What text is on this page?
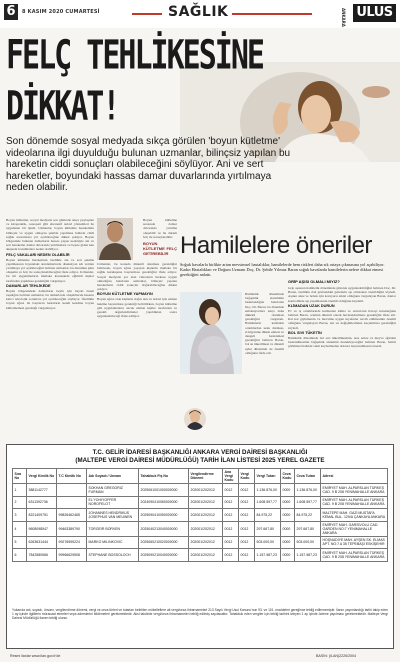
6	8 KASIM 2020 CUMARTESİ	SAĞLIK	ANKARA ULUS
FELÇ TEHLİKESİNE
DİKKAT!
Son dönemde sosyal medyada sıkça görülen 'boyun kütletme' videolarına ilgi duyulduğu bulunan uzmanlar, bilinçsiz yapılan bu hareketin ciddi sonuçları olabileceğini söylüyor. Ani ve sert hareketler, boyundaki hassas damar duvarlarında yırtılmaya neden olabilir.

Boyun kütletme, sosyal medyada son günlerde sıkça paylaşılan ve kiropraktik, osteopati gibi alternatif tedavi yöntemleri ile uygulanan bir işlem. Uzmanlar, boyun kütletme hareketinin bilinçsiz ve uygun olmayan şekilde yapılması halinde ciddi sağlık sorunlarına yol açabileceğine dikkat çekiyor. Boyun bölgesinde bulunan damarların hassas yapısı nedeniyle ani ve sert hareketler damar duvarında yırtılmalara ve beyne giden kan akışında bozulmalara neden olabiliyor.

FELÇ VAKALARI NEDEN OLABİLİR

Boyun kütletme hareketinin özellikle ani ve sert şekilde yapılmasının boyundaki atardamarlarda diseksiyon adı verilen yırtılmaya yol açabileceğini belirten uzmanlar, bu durumun pıhtı oluşumu ve felç ile sonuçlanabileceğini ifade ediyor. Uzmanlar, bu tür uygulamaların mutlaka konusunda eğitimli kişiler tarafından yapılması gerektiğini vurguluyor.

DAMARLAR TEHLİKEDE

Boyun bölgesindeki damarların beyin için hayati önem taşıdığını belirten uzmanlar, bu damarlarda oluşabilecek hasarın kalıcı nörolojik sorunlara yol açabileceğini söylüyor. Özellikle boyun ağrısı ile başvuran hastaların kendi kendine boyun kütletmemesi gerektiği vurgulanıyor.

Uzmanlar, bu konuda dikkatli olunması gerektiğini belirterek, boyun ağrısı yaşayan kişilerin mutlaka bir sağlık kuruluşuna başvurması gerektiğini ifade ediyor. Sosyal medyada yer alan videoların herkese uygun olmadığını hatırlatan uzmanlar, bilinçsiz yapılan hareketlerin ciddi sonuçlar doğurabileceğine dikkat çekiyor.

BOYUN KÜTLETME YAPMAYIN

Boyun ağrısı olan kişilerin doğru tanı ve tedavi için uzman hekime başvurması gerektiği belirtilirken, boyun kütletme gibi uygulamaların ancak uzman kişiler tarafından ve gerekli değerlendirmeler yapıldıktan sonra uygulanabileceği ifade ediliyor.

Boyun kütletme sırasında damar duvarında yırtılma oluşabilir ve bu durum felç ile sonuçlanabilir.

BOYUN KÜTLETME FELÇ GETİREBİLİR Hamilelere öneriler
Soğuk havalarla birlikte artan mevsimsel hastalıklar, hamilelerde hem riskleri daha sık ortaya çıkmasına yol açabiliyor. Kadın Hastalıkları ve Doğum Uzmanı Doç. Dr. Şebile Yılmaz Baran soğuk havalarda hamilelerin nelere dikkat etmesi gerektiğini anlattı.

Hamilelik döneminde bağışıklık sisteminin baskılandığını hatırlatan Doç. Dr. Baran, bu dönemde enfeksiyonlara karşı daha dikkatli olunması gerektiğini vurguladı. Hamilelerin kalabalık ortamlardan uzak durması, el hijyenine dikkat etmesi ve dengeli beslenmesi gerektiğini belirten Baran, bol su tüketilmesi ve düzenli uyku düzeninin de önemli olduğunu ifade etti.

GRİP AŞISI OLMALI MIYIZ?

Grip aşısının hamilelik döneminde güvenle uygulanabildiğini belirten Doç. Dr. Baran, özellikle risk grubundaki gebelerin aşı olmasının önerildiğini söyledi. Aşının anne ve bebek için koruyucu etkisi olduğunu vurgulayan Baran, doktor kontrolünde aşı yapılmasının önemli olduğunu kaydetti.

KLİMADAN UZAK DURUN

Ev ve iş ortamlarında kullanılan klima ve ısıtıcıların havayı kuruttuğunu belirten Baran, ortamın düzenli olarak havalandırılması gerektiğini ifade etti. Kat kat giyinmenin ve mevsime uygun kıyafetler tercih edilmesinin önemli olduğunu vurgulayan Baran, ani ısı değişimlerinden kaçınılması gerektiğini söyledi.

BOL SIVI TÜKETİN

Hamilelik döneminde bol sıvı tüketilmesinin, taze sebze ve meyve ağırlıklı beslenilmesinin bağışıklık sistemini destekleyeceğini belirten Baran, belirti görülmesi halinde vakit kaybetmeden doktora başvurulmasını önerdi.

T.C. GELİR İDARESİ BAŞKANLIĞI ANKARA VERGİ DAİRESİ BAŞKANLIĞI
(MALTEPE VERGİ DAİRESİ MÜDÜRLÜĞÜ) TARİH İLAN LİSTESİ 2025 YEREL GAZETE
Sıra No	Vergi Kimlik No	T.C Kimlik No	Adı Soyadı / Unvanı	Tahakkuk Fiş No	Vergilendirme Dönemi	Ana Vergi Kodu	Vergi Kodu	Vergi Tutarı	Ceza Kodu	Ceza Tutarı	Adresi
1	3881142777		SOKHAN GREGORIZ FURMAN	2025061001000000000	202001/202012	0012	0012	1.136.876,00	0000	1.136.876,00	EMİRYET MAH. ALPARSLAN TÜRKEŞ CAD. 9 B 208 YENİMAHALLE ANKARA
2	6311392736		EL'YOHIYOFFER NOROFELOT	2024090410060000000	202001/202012	0012	0012	1.608.597,77	0000	1.608.597,77	EMİRYET MAH. ALPARSLAN TÜRKEŞ CAD. 9 B 208 YENİMAHALLE ANKARA
3	8221409751	99826462465	JOHANNES HENDRIKUS JOSEPHUS VAN MEUWEN	2025090410050000000	202001/202012	0012	0012	84.975,22	0000	84.975,22	MALTEPE MAH. GAZİ MUSTAFA KEMAL BUL. 129/A ÇANKAYA ANKARA
4	9608098547	99463389790	TORGEIR BORVEN	2025040213040000000	202001/202012	0012	0012	297.667,80	0000	297.667,80	EMİRYET MAH. GARSIVOLU CAD. GARDEN NO:7 YENİMAHALLE ANKARA
5	6263631444	99276595224	MARKO MILINKOVIC	2025060210020000000	202001/202012	0012	0012	503.000,00	0000	503.000,00	HOŞNUDİYE MAH. AYŞEN SK. ELMAS APT. NO:7 A 35 TEPEBAŞI ESKİŞEHİR
6	7842580566	99966629508	STEPHANE BOSSOLOCH	2025090210040000000	202001/202012	0012	0012	1.157.987,23	0000	1.157.987,23	EMİRYET MAH. ALPARSLAN TÜRKEŞ CAD. 9 B 208 YENİMAHALLE ANKARA
Yukarıda adı, soyadı, ünvanı, vergilendirme dönemi, vergi ve ceza türleri ve tutarları belirtilen mükelleflere ait vergi/ceza ihbarnameleri 213 Sayılı Vergi Usul Kanunu'nun 93. ve 101. maddeleri gereğince tebliğ edilememiştir. İlanın yayımlandığı tarihi takip eden 1 ay içinde ilgililerin müracaat etmeleri veya adreslerini bildirmeleri gerekmektedir. Aksi takdirde vergi/ceza ihbarnameleri tebliğ edilmiş sayılacaktır. Tahakkuk eden vergiler için tebliğ tarihini izleyen 1 ay içinde ödeme yapılması gerekmektedir. Maltepe Vergi Dairesi Müdürlüğü ilanen tebliğ olunur.
Resmi ilanlar www.ilan.gov.tr'de	BASIN: (ILAN)2226/2004
